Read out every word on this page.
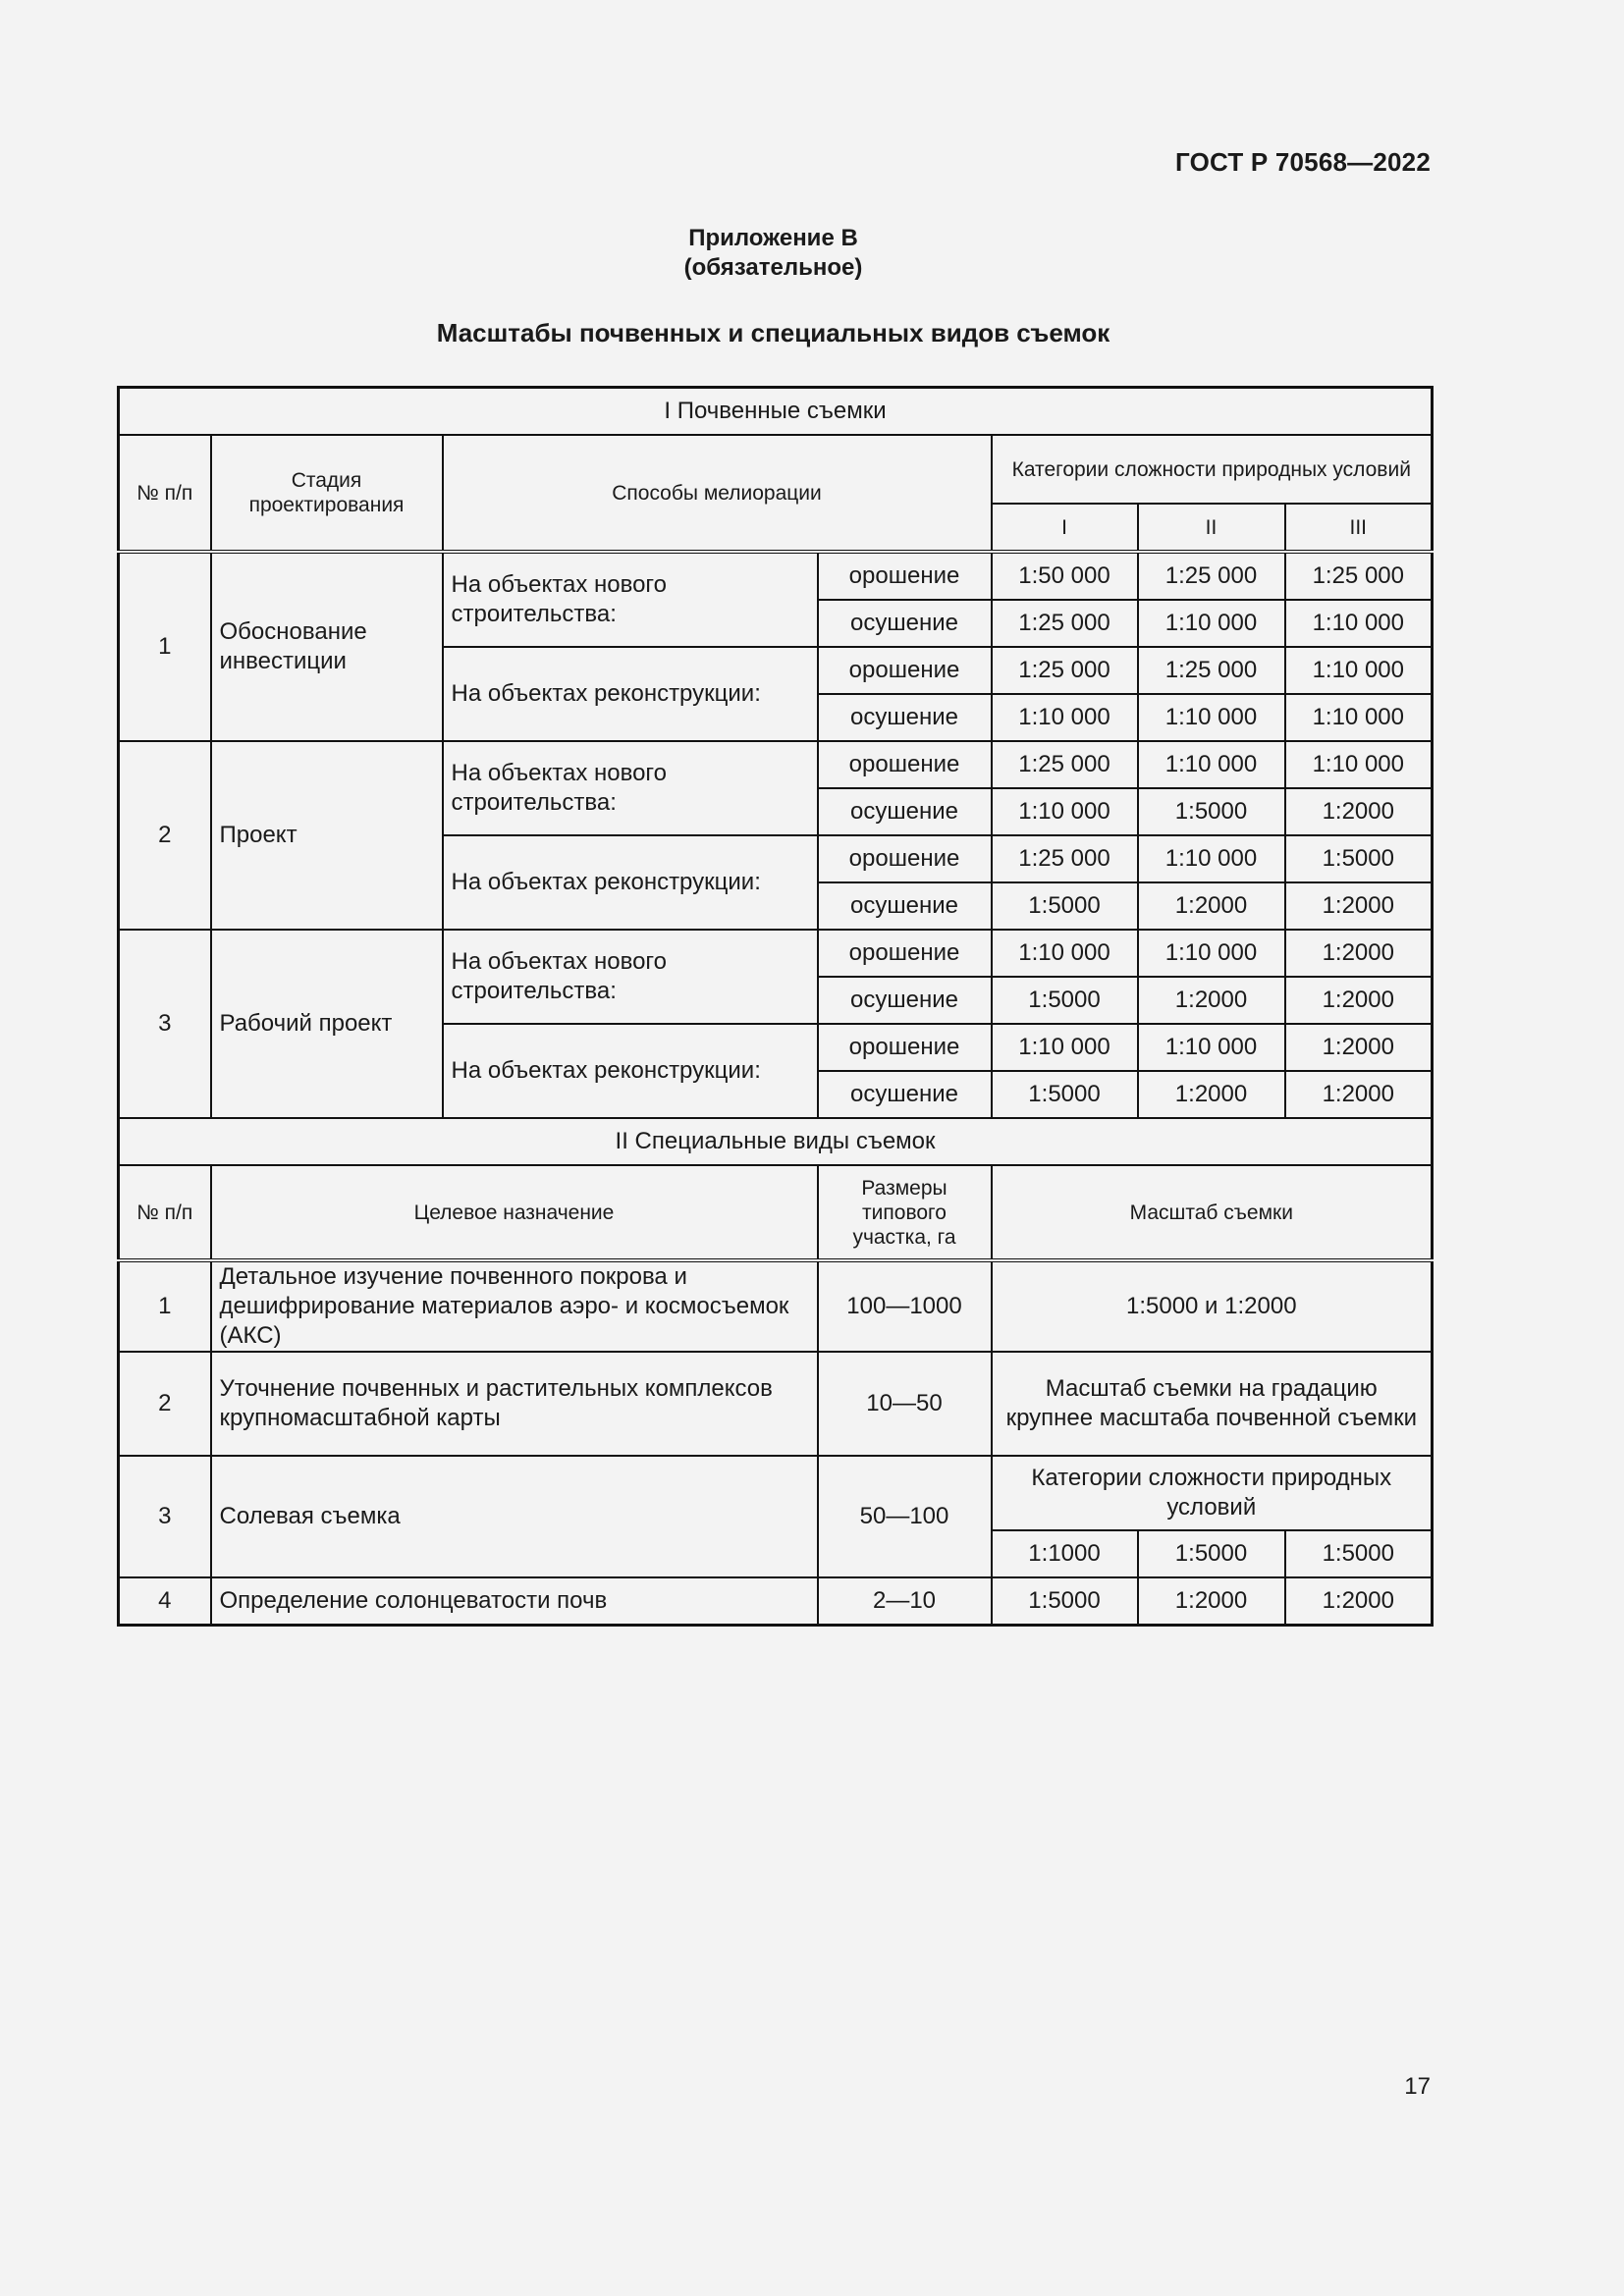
ГОСТ Р 70568—2022
Приложение В
(обязательное)
Масштабы почвенных и специальных видов съемок
I Почвенные съемки						
№ п/п	Стадия проектирования	Способы мелиорации		Категории сложности природных условий		
				I	II	III
1	Обоснование инвестиции	На объектах нового строительства:	орошение	1:50 000	1:25 000	1:25 000
			осушение	1:25 000	1:10 000	1:10 000
		На объектах реконструкции:	орошение	1:25 000	1:25 000	1:10 000
			осушение	1:10 000	1:10 000	1:10 000
2	Проект	На объектах нового строительства:	орошение	1:25 000	1:10 000	1:10 000
			осушение	1:10 000	1:5000	1:2000
		На объектах реконструкции:	орошение	1:25 000	1:10 000	1:5000
			осушение	1:5000	1:2000	1:2000
3	Рабочий проект	На объектах нового строительства:	орошение	1:10 000	1:10 000	1:2000
			осушение	1:5000	1:2000	1:2000
		На объектах реконструкции:	орошение	1:10 000	1:10 000	1:2000
			осушение	1:5000	1:2000	1:2000
II Специальные виды съемок						
№ п/п	Целевое назначение		Размеры типового участка, га	Масштаб съемки		
1	Детальное изучение почвенного покрова и дешифрирование материалов аэро- и космосъемок (АКС)		100—1000	1:5000 и 1:2000		
2	Уточнение почвенных и растительных комплексов крупномасштабной карты		10—50	Масштаб съемки на градацию крупнее масштаба почвенной съемки		
3	Солевая съемка		50—100	Категории сложности природных условий		
				1:1000	1:5000	1:5000
4	Определение солонцеватости почв		2—10	1:5000	1:2000	1:2000
17
